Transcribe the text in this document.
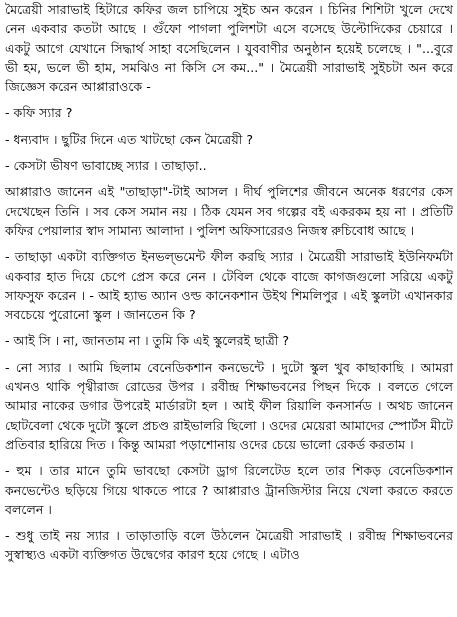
মৈত্রেয়ী সারাভাই হিটারে কফির জল চাপিয়ে সুইচ অন করেন । চিনির শিশিটা খুলে দেখে নেন একবার কতটা আছে । গুঁফো পাগলা পুলিশটা এসে বসেছে উল্টোদিকের চেয়ারে । একটু আগে যেখানে সিদ্ধার্থ সাহা বসেছিলেন । যুববাণীর অনুষ্ঠান হয়েই চলেছে । "...বুরে ভী হম, ভলে ভী হাম, সমঝিও না কিসি সে কম..." । মৈত্রেয়ী সারাভাই সুইচটা অন করে জিজ্ঞেস করেন আপ্পারাওকে -

- কফি স্যার ?

- ধন্যবাদ । ছুটির দিনে এত খাটছো কেন মৈত্রেয়ী ?

- কেসটা ভীষণ ভাবাচ্ছে স্যার । তাছাড়া..

আপ্পারাও জানেন এই "তাছাড়া"-টাই আসল । দীর্ঘ পুলিশের জীবনে অনেক ধরণের কেস দেখেছেন তিনি । সব কেস সমান নয় । ঠিক যেমন সব গল্পের বই একরকম হয় না । প্রতিটি কফির পেয়ালার স্বাদ সামান্য আলাদা । পুলিশ অফিসারেরও নিজস্ব রুচিবোধ আছে ।

- তাছাড়া একটা ব্যক্তিগত ইনভল্ভমেন্ট ফীল করছি স্যার । মৈত্রেয়ী সারাভাই ইউনিফর্মটা একবার হাত দিয়ে চেপে প্রেস করে নেন । টেবিল থেকে বাজে কাগজগুলো সরিয়ে একটু সাফসুফ করেন । - আই হ্যাভ অ্যান ওল্ড কানেকশান উইথ শিমলিপুর । এই স্কুলটা এখানকার সবচেয়ে পুরোনো স্কুল । জানতেন কি ?

- আই সি । না, জানতাম না । তুমি কি এই স্কুলেরই ছাত্রী ?

- নো স্যার । আমি ছিলাম বেনেডিকশান কনভেন্টে । দুটো স্কুল খুব কাছাকাছি । আমরা এখনও থাকি পৃথ্বীরাজ রোডের উপর । রবীন্দ্র শিক্ষাভবনের পিছন দিকে । বলতে গেলে আমার নাকের ডগার উপরেই মার্ডারটা হল । আই ফীল রিয়ালি কনসার্নড । অথচ জানেন ছোটবেলা থেকে দুটো স্কুলে প্রচণ্ড রাইভালরি ছিলো । ওদের মেয়েরা আমাদের স্পোর্টস মীটে প্রতিবার হারিয়ে দিত । কিন্তু আমরা পড়াশোনায় ওদের চেয়ে ভালো রেকর্ড করতাম ।

- হুম । তার মানে তুমি ভাবছো কেসটা ড্রাগ রিলেটেড হলে তার শিকড় বেনেডিকশান কনভেন্টেও ছড়িয়ে গিয়ে থাকতে পারে ? আপ্পারাও ট্রানজিস্টার নিয়ে খেলা করতে করতে বললেন ।

- শুধু তাই নয় স্যার । তাড়াতাড়ি বলে উঠলেন মৈত্রেয়ী সারাভাই । রবীন্দ্র শিক্ষাভবনের সুস্বাস্থ্যও একটা ব্যক্তিগত উদ্বেগের কারণ হয়ে গেছে । এটাও
